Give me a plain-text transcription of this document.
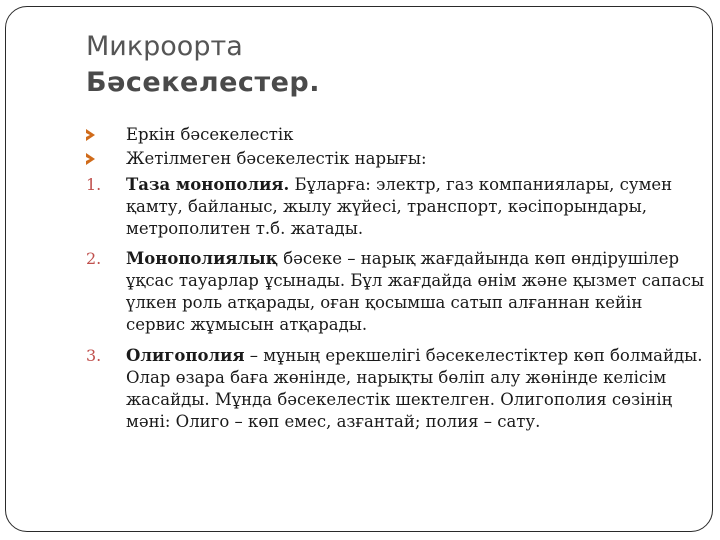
Микроорта
Бәсекелестер.
Еркін бәсекелестік
Жетілмеген бәсекелестік нарығы:
1.	Таза монополия. Бұларға: электр, газ компаниялары, сумен қамту, байланыс, жылу жүйесі, транспорт, кәсіпорындары, метрополитен т.б. жатады.
2.	Монополиялық бәсеке – нарық жағдайында көп өндірушілер ұқсас тауарлар ұсынады. Бұл жағдайда өнім және қызмет сапасы үлкен роль атқарады, оған қосымша сатып алғаннан кейін сервис жұмысын атқарады.
3.	Олигополия – мұның ерекшелігі бәсекелестіктер көп болмайды. Олар өзара баға жөнінде, нарықты бөліп алу жөнінде келісім жасайды. Мұнда бәсекелестік шектелген. Олигополия сөзінің мәні: Олиго – көп емес, азғантай; полия – сату.
